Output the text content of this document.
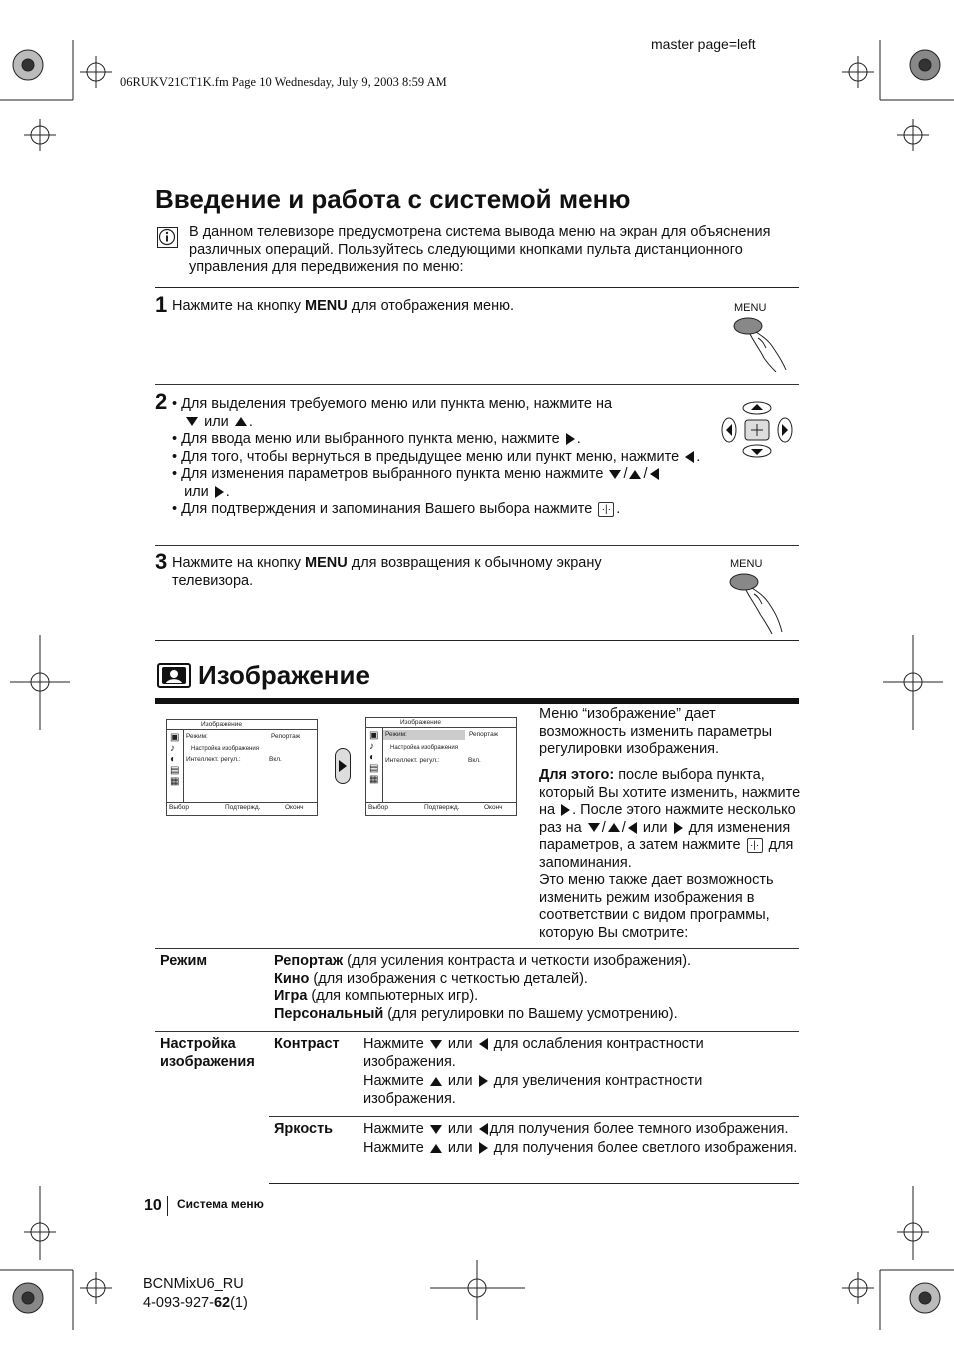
master page=left
06RUKV21CT1K.fm Page 10 Wednesday, July 9, 2003 8:59 AM
Введение и работа с системой меню
В данном телевизоре предусмотрена система вывода меню на экран для объяснения различных операций. Пользуйтесь следующими кнопками пульта дистанционного управления для передвижения по меню:
1 Нажмите на кнопку MENU для отображения меню.	MENU
2 • Для выделения требуемого меню или пункта меню, нажмите на
или .
• Для ввода меню или выбранного пункта меню, нажмите .
• Для того, чтобы вернуться в предыдущее меню или пункт меню, нажмите .
• Для изменения параметров выбранного пункта меню нажмите / /
или .
• Для подтверждения и запоминания Вашего выбора нажмите ·|· .
3 Нажмите на кнопку MENU для возвращения к обычному экрану телевизора.
MENU
Изображение
Изображение
▣
♪
◐
▤
▦
Режим:	Репортаж
Настройка изображения
Интеллект. регул.:	Вкл.
Выбор	Подтвержд.	Оконч
Изображение
▣
♪
◐
▤
▦
Режим:	Репортаж
Настройка изображения
Интеллект. регул.:	Вкл.
Выбор	Подтвержд.	Оконч
Меню “изображение” дает возможность изменить параметры регулировки изображения.
Для этого: после выбора пункта, который Вы хотите изменить, нажмите на . После этого нажмите несколько раз на / / или для изменения параметров, а затем нажмите ·|· для запоминания.
Это меню также дает возможность изменить режим изображения в соответствии с видом программы, которую Вы смотрите:
Режим	Репортаж (для усиления контраста и четкости изображения).
Кино (для изображения с четкостью деталей).
Игра (для компьютерных игр).
Персональный (для регулировки по Вашему усмотрению).
Настройка
изображения
Контраст Нажмите или для ослабления контрастности изображения.
Нажмите или для увеличения контрастности изображения.
Яркость Нажмите или для получения более темного изображения.
Нажмите или для получения более светлого изображения.
10 Система меню
BCNMixU6_RU
4-093-927-62(1)
